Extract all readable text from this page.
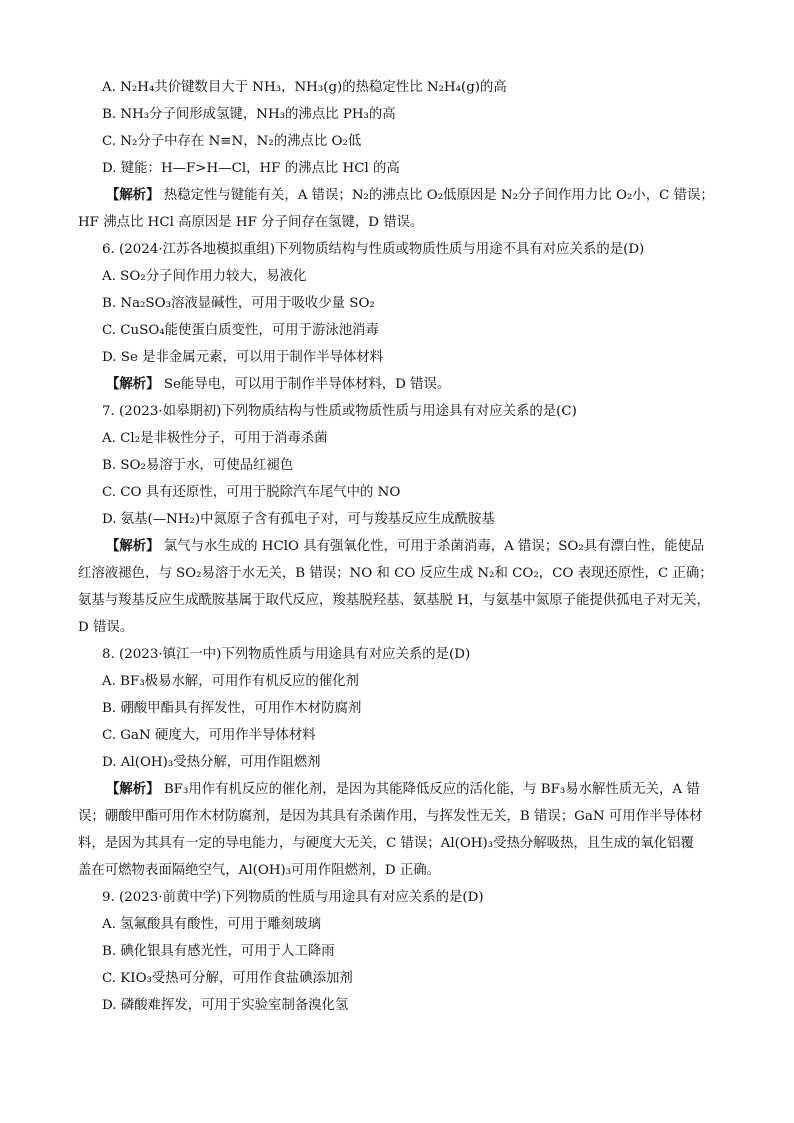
A. N₂H₄共价键数目大于 NH₃，NH₃(g)的热稳定性比 N₂H₄(g)的高
B. NH₃分子间形成氢键，NH₃的沸点比 PH₃的高
C. N₂分子中存在 N≡N，N₂的沸点比 O₂低
D. 键能：H—F>H—Cl，HF 的沸点比 HCl 的高
【解析】 热稳定性与键能有关，A 错误；N₂的沸点比 O₂低原因是 N₂分子间作用力比 O₂小，C 错误；
HF 沸点比 HCl 高原因是 HF 分子间存在氢键，D 错误。
6. (2024·江苏各地模拟重组)下列物质结构与性质或物质性质与用途不具有对应关系的是(D)
A. SO₂分子间作用力较大，易液化
B. Na₂SO₃溶液显碱性，可用于吸收少量 SO₂
C. CuSO₄能使蛋白质变性，可用于游泳池消毒
D. Se 是非金属元素，可以用于制作半导体材料
【解析】 Se能导电，可以用于制作半导体材料，D 错误。
7. (2023·如皋期初)下列物质结构与性质或物质性质与用途具有对应关系的是(C)
A. Cl₂是非极性分子，可用于消毒杀菌
B. SO₂易溶于水，可使品红褪色
C. CO 具有还原性，可用于脱除汽车尾气中的 NO
D. 氨基(—NH₂)中氮原子含有孤电子对，可与羧基反应生成酰胺基
【解析】 氯气与水生成的 HClO 具有强氧化性，可用于杀菌消毒，A 错误；SO₂具有漂白性，能使品
红溶液褪色，与 SO₂易溶于水无关，B 错误；NO 和 CO 反应生成 N₂和 CO₂，CO 表现还原性，C 正确；
氨基与羧基反应生成酰胺基属于取代反应，羧基脱羟基、氨基脱 H，与氨基中氮原子能提供孤电子对无关，
D 错误。
8. (2023·镇江一中)下列物质性质与用途具有对应关系的是(D)
A. BF₃极易水解，可用作有机反应的催化剂
B. 硼酸甲酯具有挥发性，可用作木材防腐剂
C. GaN 硬度大，可用作半导体材料
D. Al(OH)₃受热分解，可用作阻燃剂
【解析】 BF₃用作有机反应的催化剂，是因为其能降低反应的活化能，与 BF₃易水解性质无关，A 错
误；硼酸甲酯可用作木材防腐剂，是因为其具有杀菌作用，与挥发性无关，B 错误；GaN 可用作半导体材
料，是因为其具有一定的导电能力，与硬度大无关，C 错误；Al(OH)₃受热分解吸热，且生成的氧化铝覆
盖在可燃物表面隔绝空气，Al(OH)₃可用作阻燃剂，D 正确。
9. (2023·前黄中学)下列物质的性质与用途具有对应关系的是(D)
A. 氢氟酸具有酸性，可用于雕刻玻璃
B. 碘化银具有感光性，可用于人工降雨
C. KIO₃受热可分解，可用作食盐碘添加剂
D. 磷酸难挥发，可用于实验室制备溴化氢
